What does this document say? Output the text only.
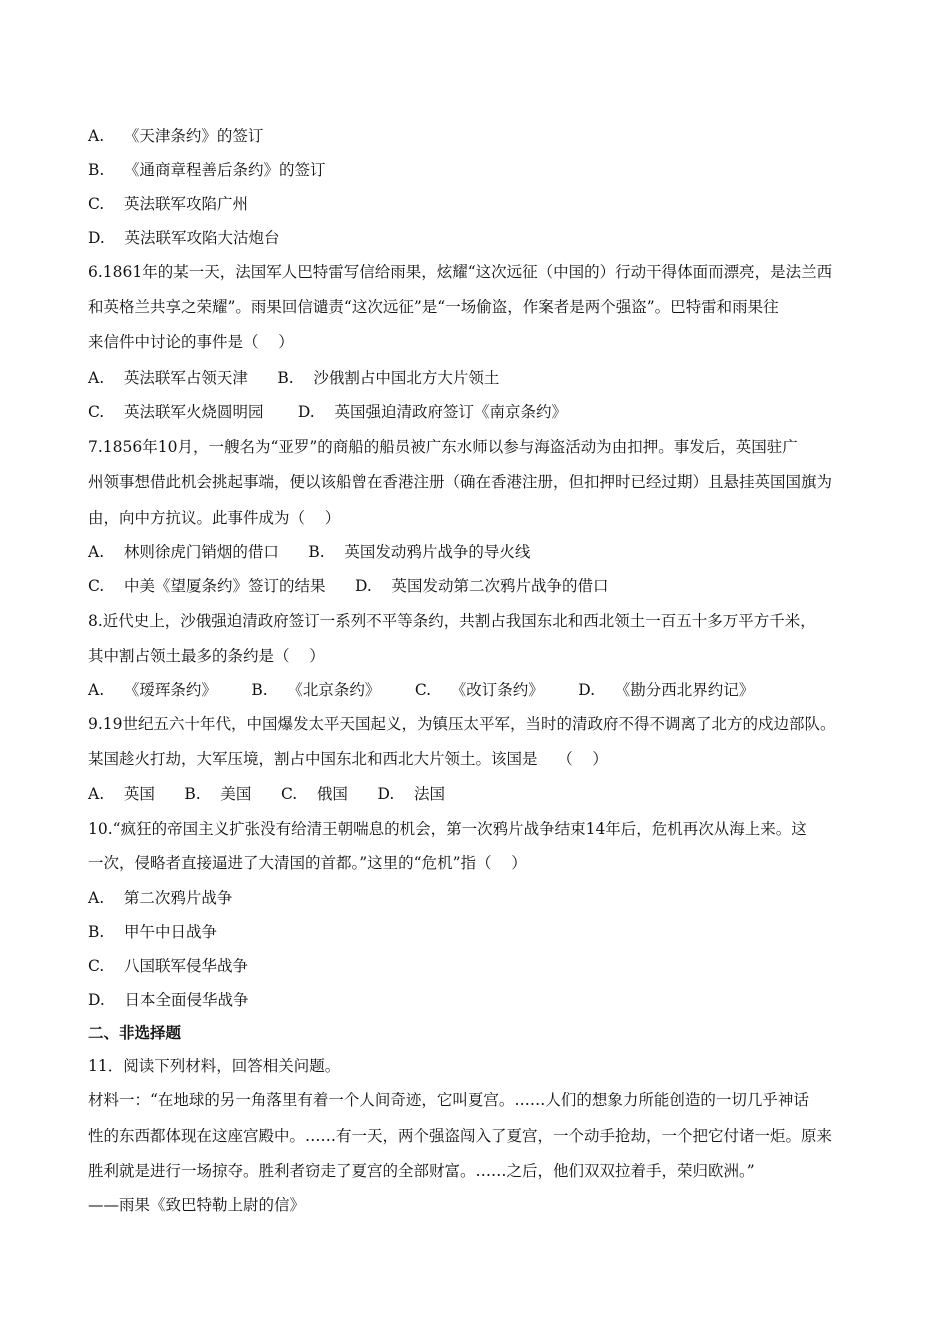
A. 《天津条约》的签订
B. 《通商章程善后条约》的签订
C. 英法联军攻陷广州
D. 英法联军攻陷大沽炮台
6.1861年的某一天，法国军人巴特雷写信给雨果，炫耀“这次远征（中国的）行动干得体面而漂亮，是法兰西
和英格兰共享之荣耀”。雨果回信谴责“这次远征”是“一场偷盗，作案者是两个强盗”。巴特雷和雨果往
来信件中讨论的事件是（    ）
A.    英法联军占领天津      B.    沙俄割占中国北方大片领土
C.    英法联军火烧圆明园       D.    英国强迫清政府签订《南京条约》
7.1856年10月，一艘名为“亚罗”的商船的船员被广东水师以参与海盗活动为由扣押。事发后，英国驻广
州领事想借此机会挑起事端，便以该船曾在香港注册（确在香港注册，但扣押时已经过期）且悬挂英国国旗为
由，向中方抗议。此事件成为（    ）
A.    林则徐虎门销烟的借口      B.    英国发动鸦片战争的导火线
C.    中美《望厦条约》签订的结果      D.    英国发动第二次鸦片战争的借口
8.近代史上，沙俄强迫清政府签订一系列不平等条约，共割占我国东北和西北领土一百五十多万平方千米，
其中割占领土最多的条约是（    ）
A.    《瑷珲条约》       B.    《北京条约》       C.    《改订条约》       D.    《勘分西北界约记》
9.19世纪五六十年代，中国爆发太平天国起义，为镇压太平军，当时的清政府不得不调离了北方的戍边部队。
某国趁火打劫，大军压境，割占中国东北和西北大片领土。该国是    （    ）
A.    英国      B.    美国      C.    俄国      D.    法国
10.“疯狂的帝国主义扩张没有给清王朝喘息的机会，第一次鸦片战争结束14年后，危机再次从海上来。这
一次，侵略者直接逼进了大清国的首都。”这里的“危机”指（    ）
A.    第二次鸦片战争
B.    甲午中日战争
C.    八国联军侵华战争
D.    日本全面侵华战争
二、非选择题
11．阅读下列材料，回答相关问题。
材料一：“在地球的另一角落里有着一个人间奇迹，它叫夏宫。……人们的想象力所能创造的一切几乎神话
性的东西都体现在这座宫殿中。……有一天，两个强盗闯入了夏宫，一个动手抢劫，一个把它付诸一炬。原来
胜利就是进行一场掠夺。胜利者窃走了夏宫的全部财富。……之后，他们双双拉着手，荣归欧洲。”
——雨果《致巴特勒上尉的信》
